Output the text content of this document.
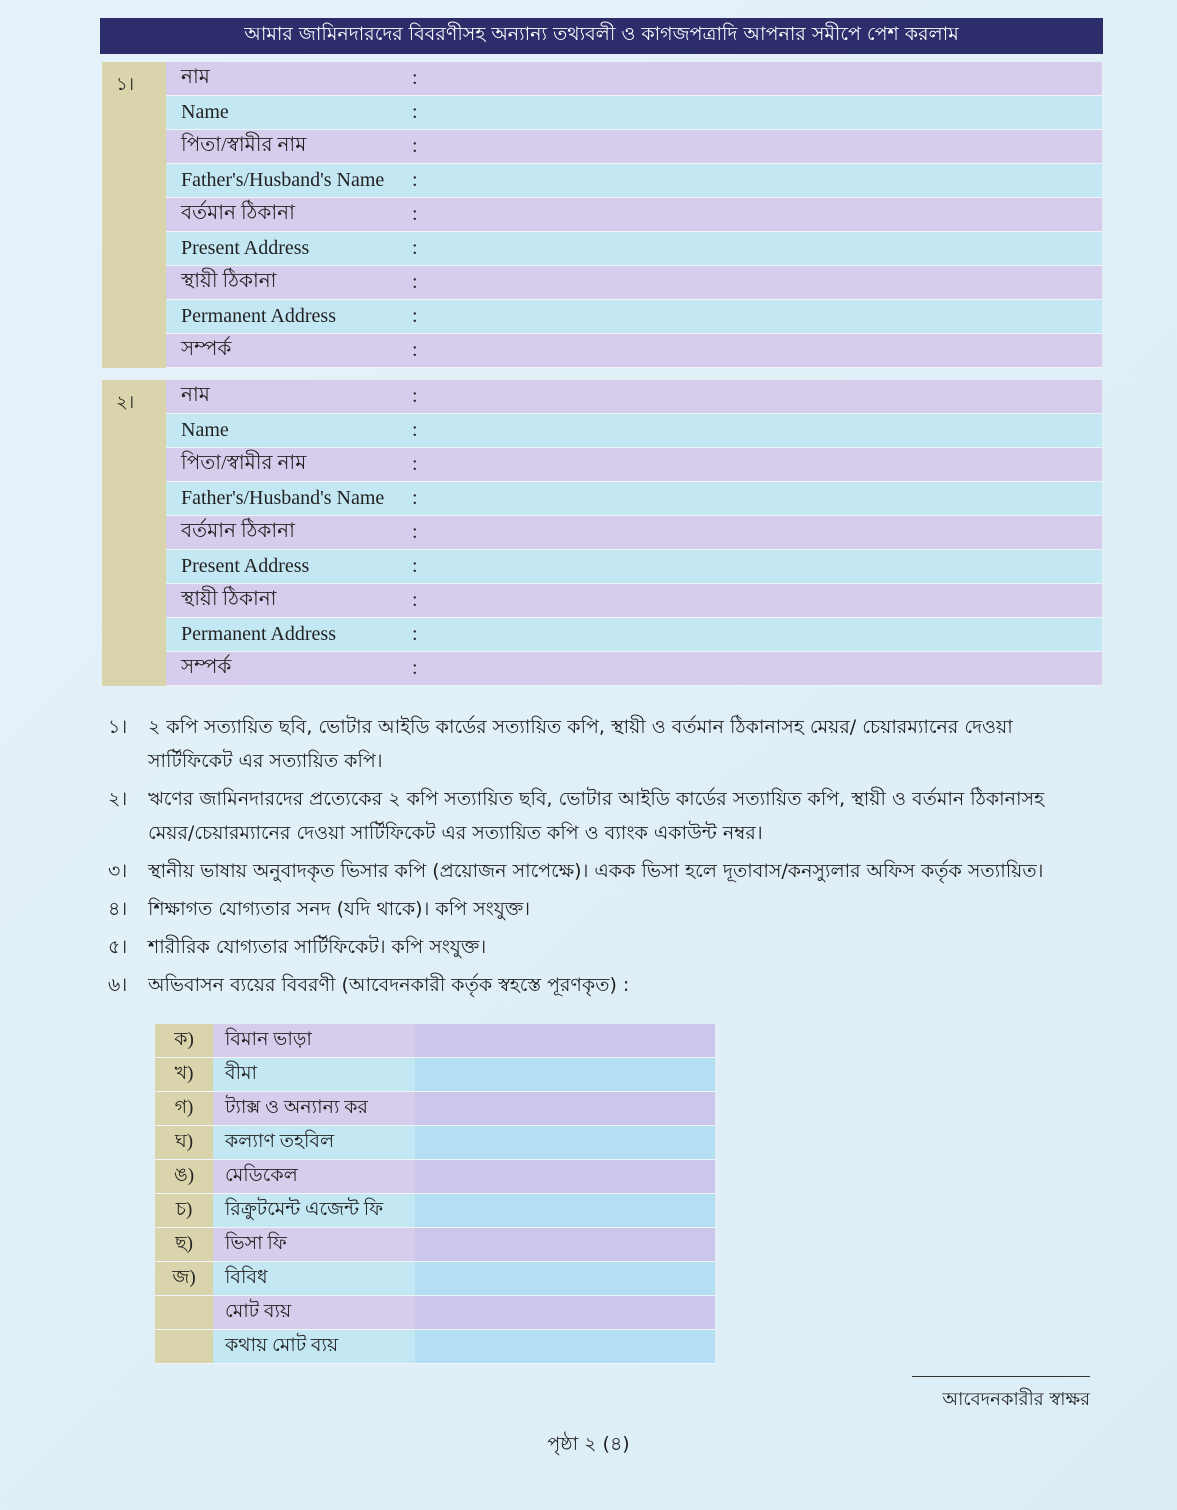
আমার জামিনদারদের বিবরণীসহ অন্যান্য তথ্যবলী ও কাগজপত্রাদি আপনার সমীপে পেশ করলাম
১।	নাম	:
Name	:
পিতা/স্বামীর নাম	:
Father's/Husband's Name	:
বর্তমান ঠিকানা	:
Present Address	:
স্থায়ী ঠিকানা	:
Permanent Address	:
সম্পর্ক	:
২।	নাম	:
Name	:
পিতা/স্বামীর নাম	:
Father's/Husband's Name	:
বর্তমান ঠিকানা	:
Present Address	:
স্থায়ী ঠিকানা	:
Permanent Address	:
সম্পর্ক	:
১।	২ কপি সত্যায়িত ছবি, ভোটার আইডি কার্ডের সত্যায়িত কপি, স্থায়ী ও বর্তমান ঠিকানাসহ মেয়র/ চেয়ারম্যানের দেওয়া সার্টিফিকেট এর সত্যায়িত কপি।
২।	ঋণের জামিনদারদের প্রত্যেকের ২ কপি সত্যায়িত ছবি, ভোটার আইডি কার্ডের সত্যায়িত কপি, স্থায়ী ও বর্তমান ঠিকানাসহ মেয়র/চেয়ারম্যানের দেওয়া সার্টিফিকেট এর সত্যায়িত কপি ও ব্যাংক একাউন্ট নম্বর।
৩।	স্থানীয় ভাষায় অনুবাদকৃত ভিসার কপি (প্রয়োজন সাপেক্ষে)। একক ভিসা হলে দূতাবাস/কনস্যুলার অফিস কর্তৃক সত্যায়িত।
৪।	শিক্ষাগত যোগ্যতার সনদ (যদি থাকে)। কপি সংযুক্ত।
৫।	শারীরিক যোগ্যতার সার্টিফিকেট। কপি সংযুক্ত।
৬।	অভিবাসন ব্যয়ের বিবরণী (আবেদনকারী কর্তৃক স্বহস্তে পূরণকৃত) :
ক)	বিমান ভাড়া
খ)	বীমা
গ)	ট্যাক্স ও অন্যান্য কর
ঘ)	কল্যাণ তহবিল
ঙ)	মেডিকেল
চ)	রিক্রুটমেন্ট এজেন্ট ফি
ছ)	ভিসা ফি
জ)	বিবিধ
মোট ব্যয়
কথায় মোট ব্যয়
আবেদনকারীর স্বাক্ষর
পৃষ্ঠা ২ (৪)
